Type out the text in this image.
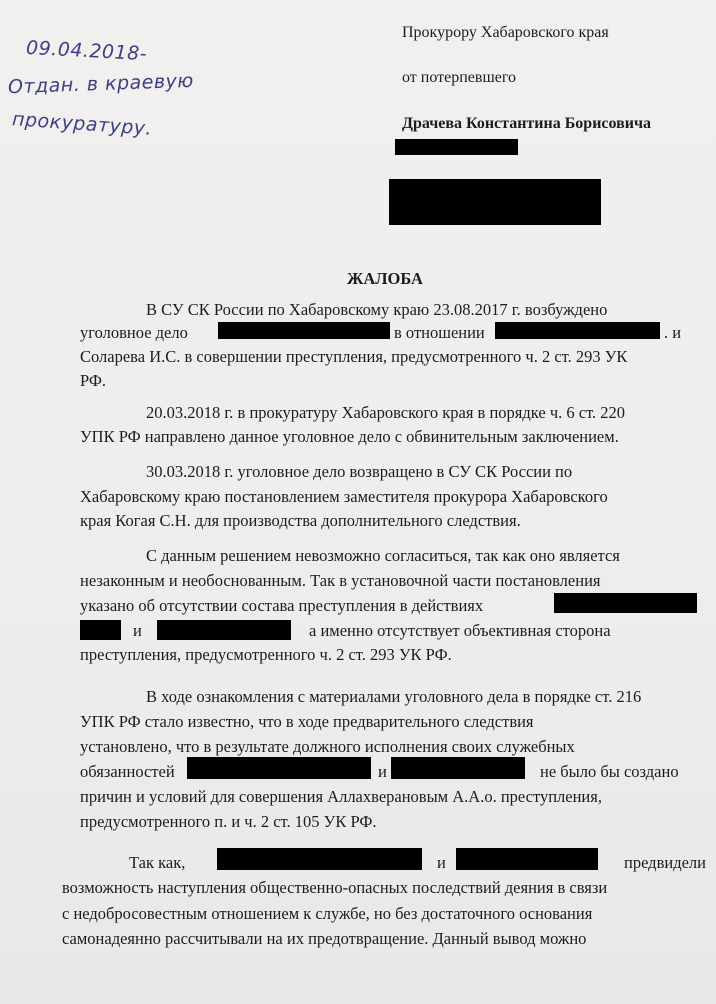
09.04.2018-
Отдан. в краевую
прокуратуру.
Прокурору Хабаровского края
от потерпевшего
Драчева Константина Борисовича
ЖАЛОБА
В СУ СК России по Хабаровскому краю 23.08.2017 г. возбуждено
уголовное дело	в отношении	. и
Соларева И.С. в совершении преступления, предусмотренного ч. 2 ст. 293 УК
РФ.
20.03.2018 г. в прокуратуру Хабаровского края в порядке ч. 6 ст. 220
УПК РФ направлено данное уголовное дело с обвинительным заключением.
30.03.2018 г. уголовное дело возвращено в СУ СК России по
Хабаровскому краю постановлением заместителя прокурора Хабаровского
края Когая С.Н. для производства дополнительного следствия.
С данным решением невозможно согласиться, так как оно является
незаконным и необоснованным. Так в установочной части постановления
указано об отсутствии состава преступления в действиях
и	а именно отсутствует объективная сторона
преступления, предусмотренного ч. 2 ст. 293 УК РФ.
В ходе ознакомления с материалами уголовного дела в порядке ст. 216
УПК РФ стало известно, что в ходе предварительного следствия
установлено, что в результате должного исполнения своих служебных
обязанностей	и	не было бы создано
причин и условий для совершения Аллахверановым А.А.о. преступления,
предусмотренного п. и ч. 2 ст. 105 УК РФ.
Так как,	и	предвидели
возможность наступления общественно-опасных последствий деяния в связи
с недобросовестным отношением к службе, но без достаточного основания
самонадеянно рассчитывали на их предотвращение. Данный вывод можно
